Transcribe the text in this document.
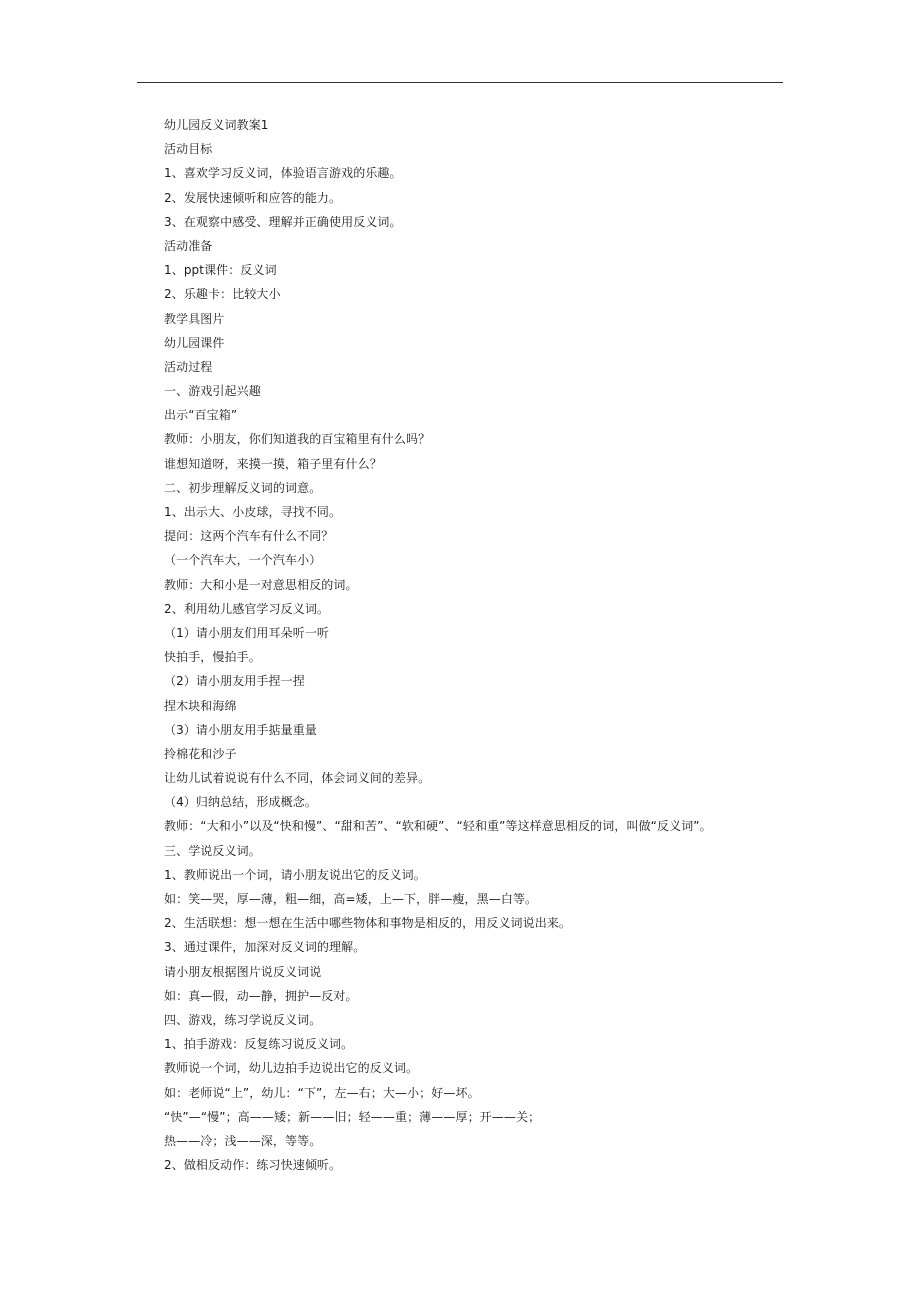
幼儿园反义词教案1
活动目标
1、喜欢学习反义词，体验语言游戏的乐趣。
2、发展快速倾听和应答的能力。
3、在观察中感受、理解并正确使用反义词。
活动准备
1、ppt课件：反义词
2、乐趣卡：比较大小
教学具图片
幼儿园课件
活动过程
一、游戏引起兴趣
出示“百宝箱”
教师：小朋友，你们知道我的百宝箱里有什么吗？
谁想知道呀，来摸一摸，箱子里有什么？
二、初步理解反义词的词意。
1、出示大、小皮球，寻找不同。
提问：这两个汽车有什么不同？
（一个汽车大，一个汽车小）
教师：大和小是一对意思相反的词。
2、利用幼儿感官学习反义词。
（1）请小朋友们用耳朵听一听
快拍手，慢拍手。
（2）请小朋友用手捏一捏
捏木块和海绵
（3）请小朋友用手掂量重量
拎棉花和沙子
让幼儿试着说说有什么不同，体会词义间的差异。
（4）归纳总结，形成概念。
教师：“大和小”以及“快和慢”、“甜和苦”、“软和硬”、“轻和重”等这样意思相反的词，叫做“反义词”。
三、学说反义词。
1、教师说出一个词，请小朋友说出它的反义词。
如：笑—哭，厚—薄，粗—细，高=矮，上—下，胖—瘦，黑—白等。
2、生活联想：想一想在生活中哪些物体和事物是相反的，用反义词说出来。
3、通过课件，加深对反义词的理解。
请小朋友根据图片说反义词说
如：真—假，动—静，拥护—反对。
四、游戏，练习学说反义词。
1、拍手游戏：反复练习说反义词。
教师说一个词，幼儿边拍手边说出它的反义词。
如：老师说“上”，幼儿：“下”，左—右；大—小；好—坏。
“快”—“慢”；高——矮；新——旧；轻——重；薄——厚；开——关；
热——冷；浅——深，等等。
2、做相反动作：练习快速倾听。
